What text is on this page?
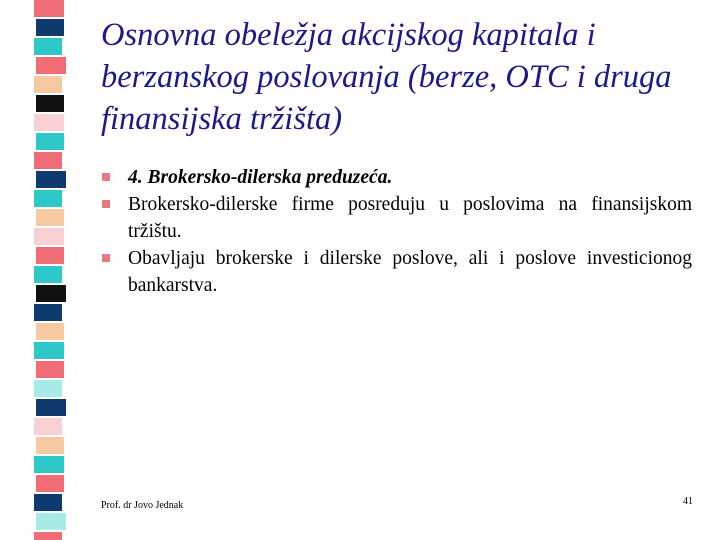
Osnovna obeležja akcijskog kapitala i berzanskog poslovanja (berze, OTC i druga finansijska tržišta)
4. Brokersko-dilerska preduzeća.
Brokersko-dilerske firme posreduju u poslovima na finansijskom tržištu.
Obavljaju brokerske i dilerske poslove, ali i poslove investicionog bankarstva.
Prof. dr Jovo Jednak	41
